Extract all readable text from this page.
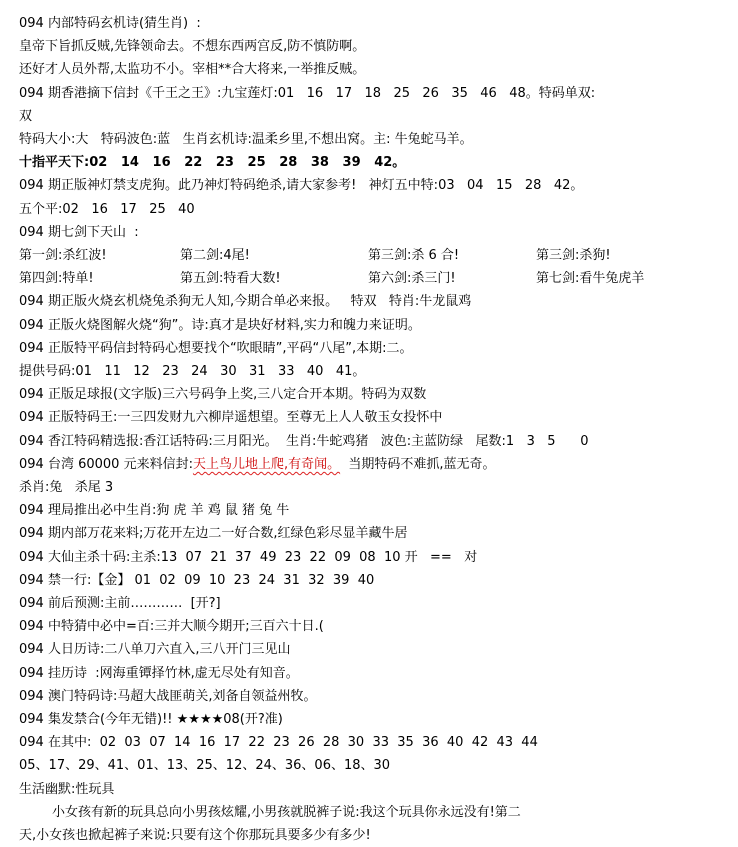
094 内部特码玄机诗(猜生肖)  :
皇帝下旨抓反贼,先锋领命去。不想东西两宫反,防不慎防啊。
还好才人员外帮,太监功不小。宰相**合大将来,一举推反贼。
094 期香港摘下信封《千王之王》:九宝莲灯:01   16   17   18   25   26   35   46   48。特码单双:
双
特码大小:大   特码波色:蓝   生肖玄机诗:温柔乡里,不想出窝。主: 牛兔蛇马羊。
十指平天下:02   14   16   22   23   25   28   38   39   42。
094 期正版神灯禁支虎狗。此乃神灯特码绝杀,请大家参考!   神灯五中特:03   04   15   28   42。
五个平:02   16   17   25   40
094 期七剑下天山  :
第一剑:杀红波!	第二剑:4尾!	第三剑:杀 6 合!	第三剑:杀狗!
第四剑:特单!	第五剑:特看大数!	第六剑:杀三门!	第七剑:看牛兔虎羊
094 期正版火烧玄机烧兔杀狗无人知,今期合单必来报。   特双   特肖:牛龙鼠鸡
094 正版火烧图解火烧“狗”。诗:真才是块好材料,实力和魄力来证明。
094 正版特平码信封特码心想要找个“吹眼睛”,平码“八尾”,本期:二。
提供号码:01   11   12   23   24   30   31   33   40   41。
094 正版足球报(文字版)三六号码争上奖,三八定合开本期。特码为双数
094 正版特码王:一三四发财九六柳岸遥想望。至尊无上人人敬玉女投怀中
094 香江特码精选报:香江话特码:三月阳光。  生肖:牛蛇鸡猪   波色:主蓝防绿   尾数:1   3   5      0
094 台湾 60000 元来料信封:天上鸟儿地上爬,有奇闻。  当期特码不难抓,蓝无奇。
杀肖:兔   杀尾 3
094 理局推出必中生肖:狗 虎 羊 鸡 鼠 猪 兔 牛
094 期内部万花来料;万花开左边二一好合数,红绿色彩尽显羊藏牛居
094 大仙主杀十码:主杀:13  07  21  37  49  23  22  09  08  10 开   ==   对
094 禁一行:【金】 01  02  09  10  23  24  31  32  39  40
094 前后预测:主前…………  [开?]
094 中特猜中必中=百:三并大顺今期开;三百六十日.(
094 人日历诗:二八单刀六直入,三八开门三见山
094 挂历诗  :网海重镡择竹林,虚无尽处有知音。
094 澳门特码诗:马超大战匪萌关,刘备自领益州牧。
094 集发禁合(今年无错)!! ★★★★08(开?准)
094 在其中:  02  03  07  14  16  17  22  23  26  28  30  33  35  36  40  42  43  44
05、17、29、41、01、13、25、12、24、36、06、18、30
生活幽默:性玩具
小女孩有新的玩具总向小男孩炫耀,小男孩就脱裤子说:我这个玩具你永远没有!第二
天,小女孩也掀起裤子来说:只要有这个你那玩具要多少有多少!
